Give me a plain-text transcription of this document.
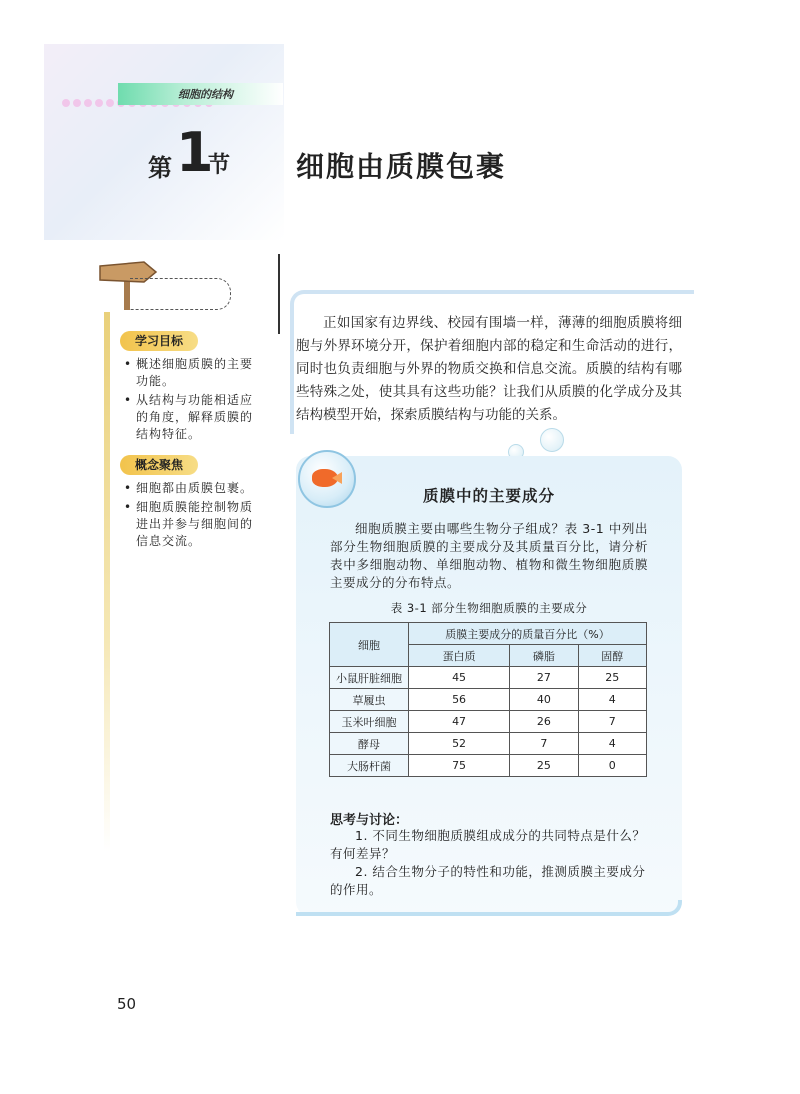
细胞的结构
第 1
节 细胞由质膜包裹
学习目标
• 概述细胞质膜的主要功能。
• 从结构与功能相适应的角度，解释质膜的结构特征。
概念聚焦
• 细胞都由质膜包裹。
• 细胞质膜能控制物质进出并参与细胞间的信息交流。
正如国家有边界线、校园有围墙一样，薄薄的细胞质膜将细胞与外界环境分开，保护着细胞内部的稳定和生命活动的进行，同时也负责细胞与外界的物质交换和信息交流。质膜的结构有哪些特殊之处，使其具有这些功能？让我们从质膜的化学成分及其结构模型开始，探索质膜结构与功能的关系。
质膜中的主要成分
细胞质膜主要由哪些生物分子组成？表 3-1 中列出部分生物细胞质膜的主要成分及其质量百分比，请分析表中多细胞动物、单细胞动物、植物和微生物细胞质膜主要成分的分布特点。
表 3-1 部分生物细胞质膜的主要成分
细胞	质膜主要成分的质量百分比（%）		
	蛋白质	磷脂	固醇
小鼠肝脏细胞	45	27	25
草履虫	56	40	4
玉米叶细胞	47	26	7
酵母	52	7	4
大肠杆菌	75	25	0
思考与讨论：

1. 不同生物细胞质膜组成成分的共同特点是什么？有何差异？

2. 结合生物分子的特性和功能，推测质膜主要成分的作用。

50
